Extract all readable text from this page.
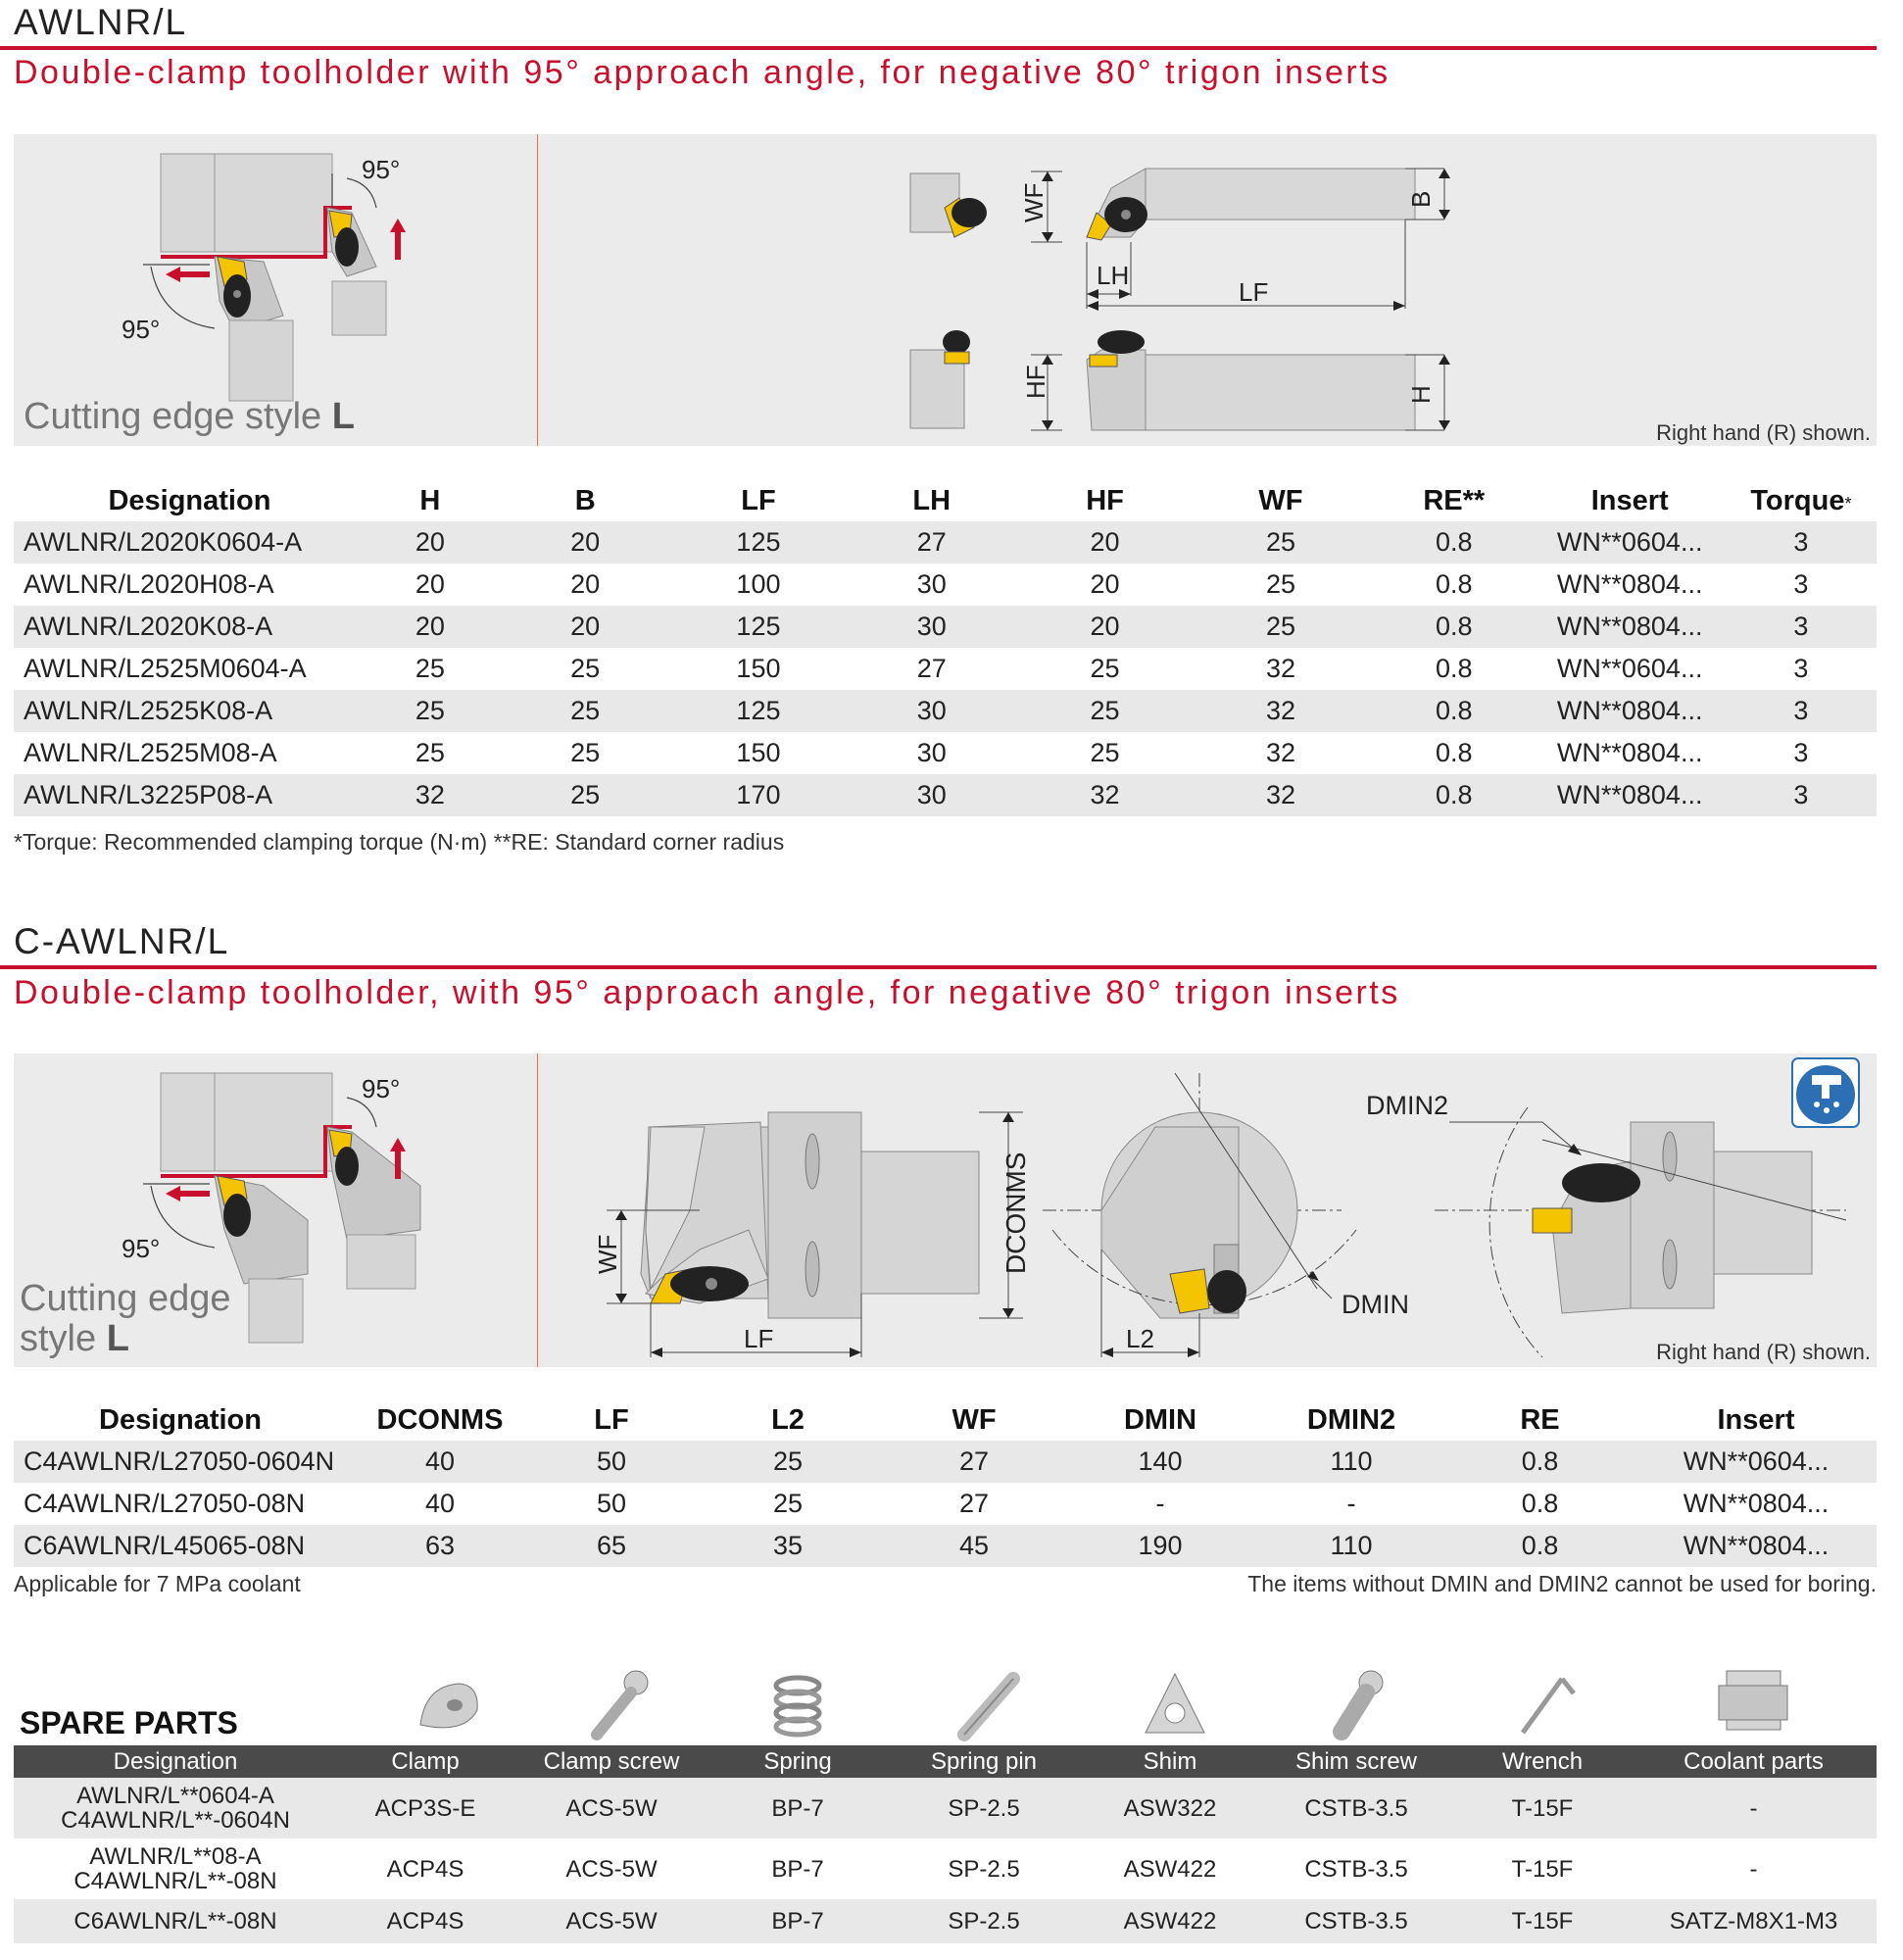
AWLNR/L
Double-clamp toolholder with 95° approach angle, for negative 80° trigon inserts
95°
95°
WF	B
LH
LF
HF	H
Cutting edge style L	Right hand (R) shown.
Designation	H	B	LF	LH	HF	WF	RE**	Insert	Torque*
AWLNR/L2020K0604-A	20	20	125	27	20	25	0.8	WN**0604...	3
AWLNR/L2020H08-A	20	20	100	30	20	25	0.8	WN**0804...	3
AWLNR/L2020K08-A	20	20	125	30	20	25	0.8	WN**0804...	3
AWLNR/L2525M0604-A	25	25	150	27	25	32	0.8	WN**0604...	3
AWLNR/L2525K08-A	25	25	125	30	25	32	0.8	WN**0804...	3
AWLNR/L2525M08-A	25	25	150	30	25	32	0.8	WN**0804...	3
AWLNR/L3225P08-A	32	25	170	30	32	32	0.8	WN**0804...	3
*Torque: Recommended clamping torque (N·m) **RE: Standard corner radius
C-AWLNR/L
Double-clamp toolholder, with 95° approach angle, for negative 80° trigon inserts
95°
95°	WF
LF
DCONMS
DMIN
L2
DMIN2
Cutting edge
style L	Right hand (R) shown.
Designation	DCONMS	LF	L2	WF	DMIN	DMIN2	RE	Insert
C4AWLNR/L27050-0604N	40	50	25	27	140	110	0.8	WN**0604...
C4AWLNR/L27050-08N	40	50	25	27	-	-	0.8	WN**0804...
C6AWLNR/L45065-08N	63	65	35	45	190	110	0.8	WN**0804...
Applicable for 7 MPa coolant	The items without DMIN and DMIN2 cannot be used for boring.
SPARE PARTS
Designation	Clamp	Clamp screw	Spring	Spring pin	Shim	Shim screw	Wrench	Coolant parts

AWLNR/L**0604-A
C4AWLNR/L**-0604N	ACP3S-E	ACS-5W	BP-7	SP-2.5	ASW322	CSTB-3.5	T-15F	-

AWLNR/L**08-A
C4AWLNR/L**-08N	ACP4S	ACS-5W	BP-7	SP-2.5	ASW422	CSTB-3.5	T-15F	-

C6AWLNR/L**-08N	ACP4S	ACS-5W	BP-7	SP-2.5	ASW422	CSTB-3.5	T-15F	SATZ-M8X1-M3
